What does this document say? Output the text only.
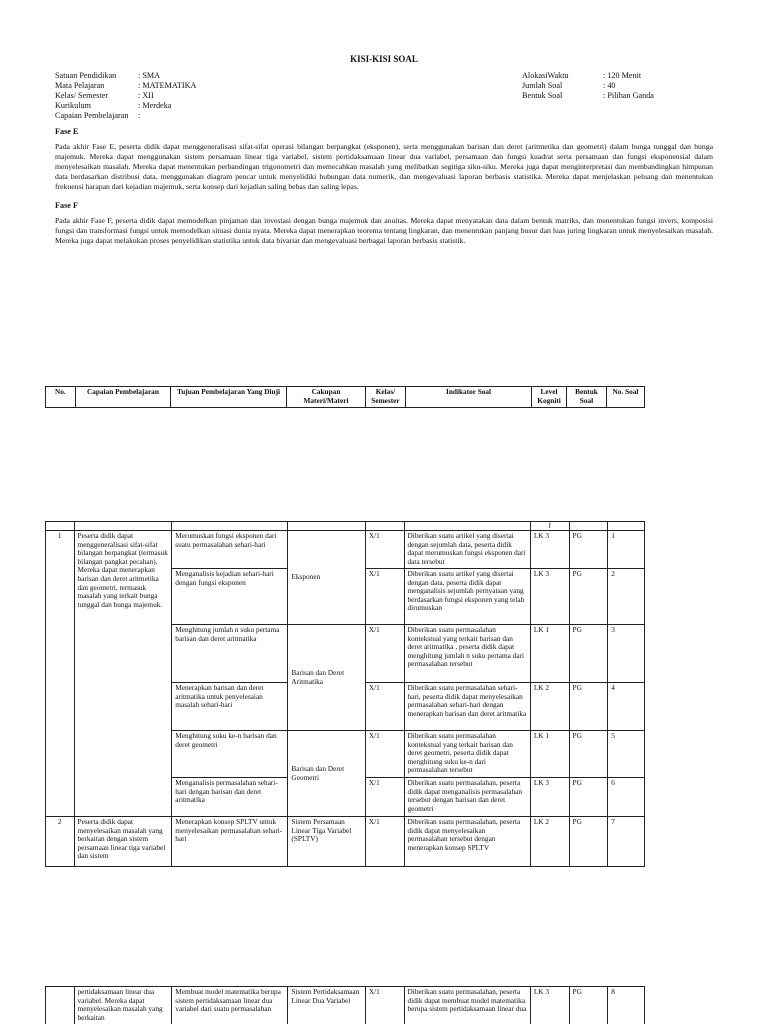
KISI-KISI SOAL
Satuan Pendidikan	: SMA
Mata Pelajaran	: MATEMATIKA
Kelas/ Semester	: XII
Kurikulum	: Merdeka
Capaian Pembelajaran :
AlokasiWaktu	: 120 Menit
Jumlah Soal	: 40
Bentuk Soal	: Pilihan Ganda
Fase E
Pada akhir Fase E, peserta didik dapat menggeneralisasi sifat-sifat operasi bilangan berpangkat (eksponen), serta menggunakan barisan dan deret (aritmetika dan geometri) dalam bunga tunggal dan bunga majemuk. Mereka dapat menggunakan sistem persamaan linear tiga variabel, sistem pertidaksamaan linear dua variabel, persamaan dan fungsi kuadrat serta persamaan dan fungsi eksponensial dalam menyelesaikan masalah. Mereka dapat menentukan perbandingan trigonometri dan memecahkan masalah yang melibatkan segitiga siku-siku. Mereka juga dapat menginterpretasi dan membandingkan himpunan data berdasarkan distribusi data, menggunakan diagram pencar untuk menyelidiki hubungan data numerik, dan mengevaluasi laporan berbasis statistika. Mereka dapat menjelaskan peluang dan menentukan frekuensi harapan dari kejadian majemuk, serta konsep dari kejadian saling bebas dan saling lepas.
Fase F
Pada akhir Fase F, peserta didik dapat memodelkan pinjaman dan investasi dengan bunga majemuk dan anuitas. Mereka dapat menyatakan data dalam bentuk matriks, dan menentukan fungsi invers, komposisi fungsi dan transformasi fungsi untuk memodelkan situasi dunia nyata. Mereka dapat menerapkan teorema tentang lingkaran, dan menentukan panjang busur dan luas juring lingkaran untuk menyelesaikan masalah. Mereka juga dapat melakukan proses penyelidikan statistika untuk data bivariat dan mengevaluasi berbagai laporan berbasis statistik.
No.	Capaian Pembelajaran	Tujuan Pembelajaran Yang Diuji	Cakupan Materi/Materi	Kelas/ Semester	Indikator Soal	Level Kogniti	Bentuk Soal	No. Soal
						f		
1	Peserta didik dapat menggeneralisasi sifat-sifat bilangan berpangkat (termasuk bilangan pangkat pecahan). Mereka dapat menerapkan barisan dan deret aritmetika dan geometri, termasuk masalah yang terkait bunga tunggal dan bunga majemuk.	Merumuskan fungsi eksponen dari suatu permasalahan sehari-hari	Eksponen	X/1	Diberikan suatu artikel yang disertai dengan sejumlah data, peserta didik dapat merumuskan fungsi eksponen dari data tersebut	LK 3	PG	1
		Menganalisis kejadian sehari-hari dengan fungsi eksponen		X/1	Diberikan suatu artikel yang disertai dengan data, peserta didik dapat menganalisis sejumlah pernyataan yang berdasarkan fungsi eksponen yang telah dirumuskan	LK 3	PG	2
		Menghitung jumlah n suku pertama barisan dan deret aritmatika	Barisan dan Deret Aritmatika	X/1	Diberikan suatu permasalahan kontekstual yang terkait barisan dan deret aritmatika , peserta didik dapat menghitung jumlah n suku pertama dari permasalahan tersebut	LK 1	PG	3
		Menerapkan barisan dan deret aritmatika untuk penyelesaian masalah sehari-hari		X/1	Diberikan suatu permasalahan sehari-hari, peserta didik dapat menyelesaikan permasalahan sehari-hari dengan menerapkan barisan dan deret aritmatika	LK 2	PG	4
		Menghitung suku ke-n barisan dan deret geometri	Barisan dan Deret Geometri	X/1	Diberikan suatu permasalahan kontekstual yang terkait barisan dan deret geometri, peserta didik dapat menghitung suku ke-n dari permasalahan tersebut	LK 1	PG	5
		Menganalisis permasalahan sehari-hari dengan barisan dan deret aritmatika		X/1	Diberikan suatu permasalahan, peserta didik dapat menganalisis permasalahan tersebut dengan barisan dan deret geometri	LK 3	PG	6
2	Peserta didik dapat menyelesaikan masalah yang berkaitan dengan sistem persamaan linear tiga variabel dan sistem	Menerapkan konsep SPLTV untuk menyelesaikan permasalahan sehari-hari	Sistem Persamaan Linear Tiga Variabel (SPLTV)	X/1	Diberikan suatu permasalahan, peserta didik dapat menyelesaikan permasalahan tersebut dengan menerapkan konsep SPLTV	LK 2	PG	7
	pertidaksamaan linear dua variabel. Mereka dapat menyelesaikan masalah yang berkaitan	Membuat model matematika berupa sistem pertidaksamaan linear dua variabel dari suatu permasalahan	Sistem Pertidaksamaan Linear Dua Variabel	X/1	Diberikan suatu permasalahan, peserta didik dapat membuat model matematika berupa sistem pertidaksamaan linear dua	LK 3	PG	8
